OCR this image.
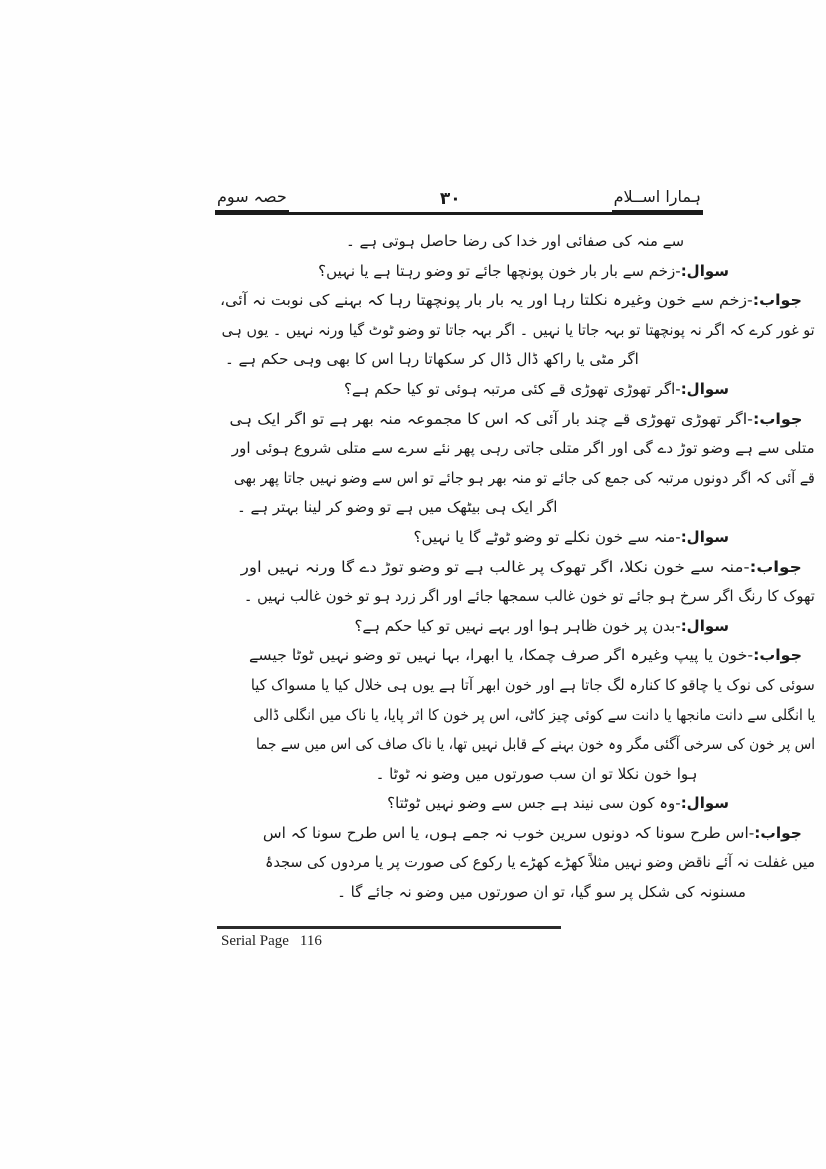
ہمارا اســلام
۳۰
حصہ سوم
سے منہ کی صفائی اور خدا کی رضا حاصل ہوتی ہے ۔
سوال:-زخم سے بار بار خون پونچھا جائے تو وضو رہتا ہے یا نہیں؟
جواب:-زخم سے خون وغیرہ نکلتا رہا اور یہ بار بار پونچھتا رہا کہ بہنے کی نوبت نہ آئی،
تو غور کرے کہ اگر نہ پونچھتا تو بہہ جاتا یا نہیں ۔ اگر بہہ جاتا تو وضو ٹوٹ گیا ورنہ نہیں ۔ یوں ہی
اگر مٹی یا راکھ ڈال ڈال کر سکھاتا رہا اس کا بھی وہی حکم ہے ۔
سوال:-اگر تھوڑی تھوڑی قے کئی مرتبہ ہوئی تو کیا حکم ہے؟
جواب:-اگر تھوڑی تھوڑی قے چند بار آئی کہ اس کا مجموعہ منہ بھر ہے تو اگر ایک ہی
متلی سے ہے وضو توڑ دے گی اور اگر متلی جاتی رہی پھر نئے سرے سے متلی شروع ہوئی اور
قے آئی کہ اگر دونوں مرتبہ کی جمع کی جائے تو منہ بھر ہو جائے تو اس سے وضو نہیں جاتا پھر بھی
اگر ایک ہی بیٹھک میں ہے تو وضو کر لینا بہتر ہے ۔
سوال:-منہ سے خون نکلے تو وضو ٹوٹے گا یا نہیں؟
جواب:-منہ سے خون نکلا، اگر تھوک پر غالب ہے تو وضو توڑ دے گا ورنہ نہیں اور
تھوک کا رنگ اگر سرخ ہو جائے تو خون غالب سمجھا جائے اور اگر زرد ہو تو خون غالب نہیں ۔
سوال:-بدن پر خون ظاہر ہوا اور بہے نہیں تو کیا حکم ہے؟
جواب:-خون یا پیپ وغیرہ اگر صرف چمکا، یا ابھرا، بہا نہیں تو وضو نہیں ٹوٹا جیسے
سوئی کی نوک یا چاقو کا کنارہ لگ جاتا ہے اور خون ابھر آتا ہے یوں ہی خلال کیا یا مسواک کیا
یا انگلی سے دانت مانجھا یا دانت سے کوئی چیز کاٹی، اس پر خون کا اثر پایا، یا ناک میں انگلی ڈالی
اس پر خون کی سرخی آگئی مگر وہ خون بہنے کے قابل نہیں تھا، یا ناک صاف کی اس میں سے جما
ہوا خون نکلا تو ان سب صورتوں میں وضو نہ ٹوٹا ۔
سوال:-وہ کون سی نیند ہے جس سے وضو نہیں ٹوٹتا؟
جواب:-اس طرح سونا کہ دونوں سرین خوب نہ جمے ہوں، یا اس طرح سونا کہ اس
میں غفلت نہ آئے ناقض وضو نہیں مثلاً کھڑے کھڑے یا رکوع کی صورت پر یا مردوں کی سجدۂ
مسنونہ کی شکل پر سو گیا، تو ان صورتوں میں وضو نہ جائے گا ۔
Serial Page 116
